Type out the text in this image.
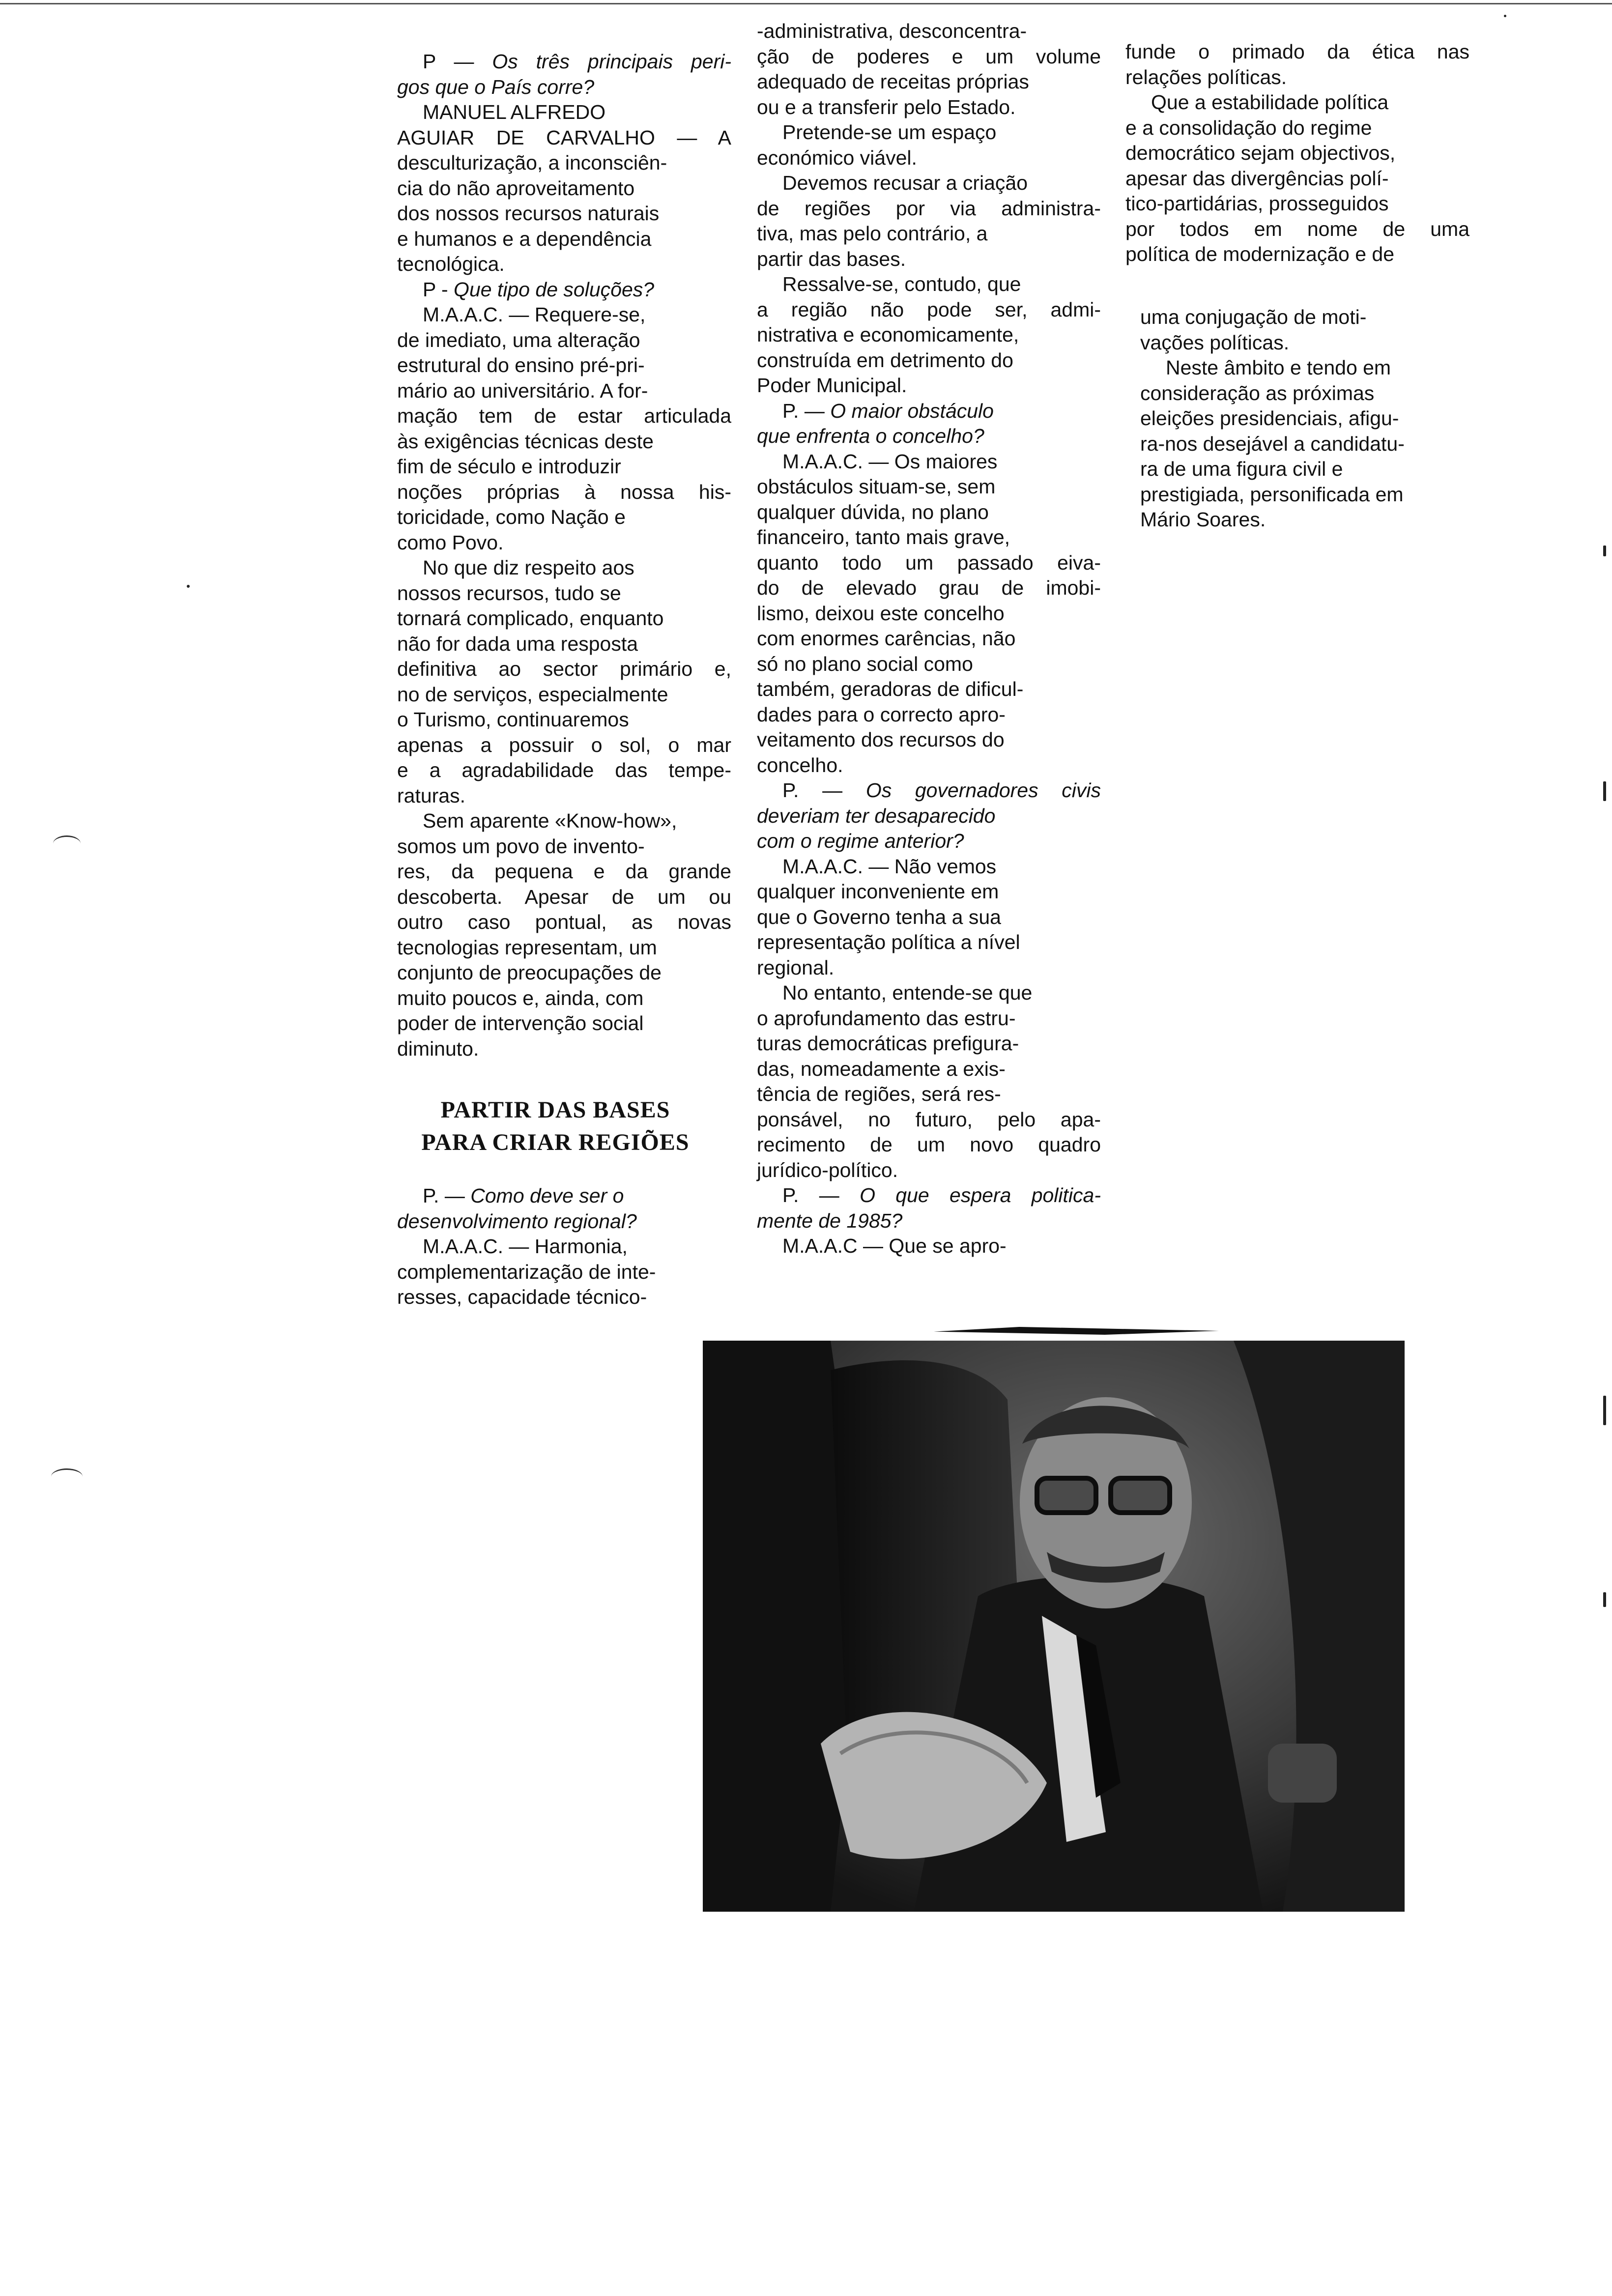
P — Os três principais peri-
gos que o País corre?

MANUEL ALFREDO
AGUIAR DE CARVALHO — A
desculturização, a inconsciên-
cia do não aproveitamento
dos nossos recursos naturais
e humanos e a dependência
tecnológica.

P - Que tipo de soluções?

M.A.A.C. — Requere-se,
de imediato, uma alteração
estrutural do ensino pré-pri-
mário ao universitário. A for-
mação tem de estar articulada
às exigências técnicas deste
fim de século e introduzir
noções próprias à nossa his-
toricidade, como Nação e
como Povo.

No que diz respeito aos
nossos recursos, tudo se
tornará complicado, enquanto
não for dada uma resposta
definitiva ao sector primário e,
no de serviços, especialmente
o Turismo, continuaremos
apenas a possuir o sol, o mar
e a agradabilidade das tempe-
raturas.

Sem aparente «Know-how»,
somos um povo de invento-
res, da pequena e da grande
descoberta. Apesar de um ou
outro caso pontual, as novas
tecnologias representam, um
conjunto de preocupações de
muito poucos e, ainda, com
poder de intervenção social
diminuto.

PARTIR DAS BASES
PARA CRIAR REGIÕES

P. — Como deve ser o
desenvolvimento regional?

M.A.A.C. — Harmonia,
complementarização de inte-
resses, capacidade técnico-

-administrativa, desconcentra-
ção de poderes e um volume
adequado de receitas próprias
ou e a transferir pelo Estado.

Pretende-se um espaço
económico viável.

Devemos recusar a criação
de regiões por via administra-
tiva, mas pelo contrário, a
partir das bases.

Ressalve-se, contudo, que
a região não pode ser, admi-
nistrativa e economicamente,
construída em detrimento do
Poder Municipal.

P. — O maior obstáculo
que enfrenta o concelho?

M.A.A.C. — Os maiores
obstáculos situam-se, sem
qualquer dúvida, no plano
financeiro, tanto mais grave,
quanto todo um passado eiva-
do de elevado grau de imobi-
lismo, deixou este concelho
com enormes carências, não
só no plano social como
também, geradoras de dificul-
dades para o correcto apro-
veitamento dos recursos do
concelho.

P. — Os governadores civis
deveriam ter desaparecido
com o regime anterior?

M.A.A.C. — Não vemos
qualquer inconveniente em
que o Governo tenha a sua
representação política a nível
regional.

No entanto, entende-se que
o aprofundamento das estru-
turas democráticas prefigura-
das, nomeadamente a exis-
tência de regiões, será res-
ponsável, no futuro, pelo apa-
recimento de um novo quadro
jurídico-político.

P. — O que espera politica-
mente de 1985?

M.A.A.C — Que se apro-

funde o primado da ética nas
relações políticas.

Que a estabilidade política
e a consolidação do regime
democrático sejam objectivos,
apesar das divergências polí-
tico-partidárias, prosseguidos
por todos em nome de uma
política de modernização e de

uma conjugação de moti-
vações políticas.

Neste âmbito e tendo em
consideração as próximas
eleições presidenciais, afigu-
ra-nos desejável a candidatu-
ra de uma figura civil e
prestigiada, personificada em
Mário Soares.
